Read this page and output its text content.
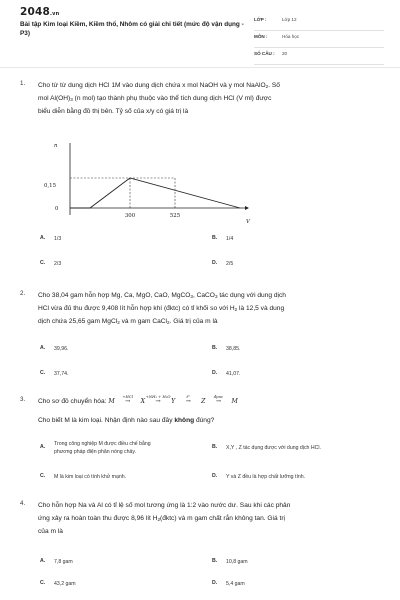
2048.vn
Bài tập Kim loại Kiềm, Kiềm thổ, Nhôm có giải chi tiết (mức độ vận dụng - P3)
LỚP :	Lớp 12
MÔN :	Hóa học
SỐ CÂU : 20
1. Cho từ từ dung dịch HCl 1M vào dung dịch chứa x mol NaOH và y mol NaAlO$_2$. Số
mol $Al(OH)_3$ (n mol) tạo thành phụ thuộc vào thể tích dung dịch HCl (V ml) được
biểu diễn bằng đồ thị bên. Tỷ số của x/y có giá trị là
n
V
0
0,15
300	525
A. 1/3	B. 1/4
C. 2/3	D. 2/5
2. Cho 38,04 gam hỗn hợp Mg, Ca, MgO, CaO, MgCO$_3$, CaCO$_3$ tác dụng với dung dịch
HCl vừa đủ thu được 9,408 lít hỗn hợp khí (đktc) có tỉ khối so với $H_2$ là 12,5 và dung
dịch chứa 25,65 gam MgCl$_2$ và m gam CaCl$_2$. Giá trị của m là
A. 39,96.	B. 38,85.
C. 37,74.	D. 41,07.
3. Cho sơ đồ chuyển hóa: M →
+HCl
X →
+NH₃ + H₂O
Y →
t°
Z →
đpnc
M
Cho biết M là kim loại. Nhận định nào sau đây không đúng?
A. Trong công nghiệp M được điều chế bằng phương pháp điện phân nóng chảy.
B. X,Y , Z tác dụng được với dung dịch HCl.
C. M là kim loại có tính khử mạnh.	D. Y và Z đều là hợp chất lưỡng tính.
4. Cho hỗn hợp Na và Al có tỉ lệ số mol tương ứng là 1:2 vào nước dư. Sau khi các phản
ứng xảy ra hoàn toàn thu được 8,96 lít $H_2(đktc)$ và m gam chất rắn không tan. Giá trị
của m là
A. 7,8 gam	B. 10,8 gam
C. 43,2 gam	D. 5,4 gam
